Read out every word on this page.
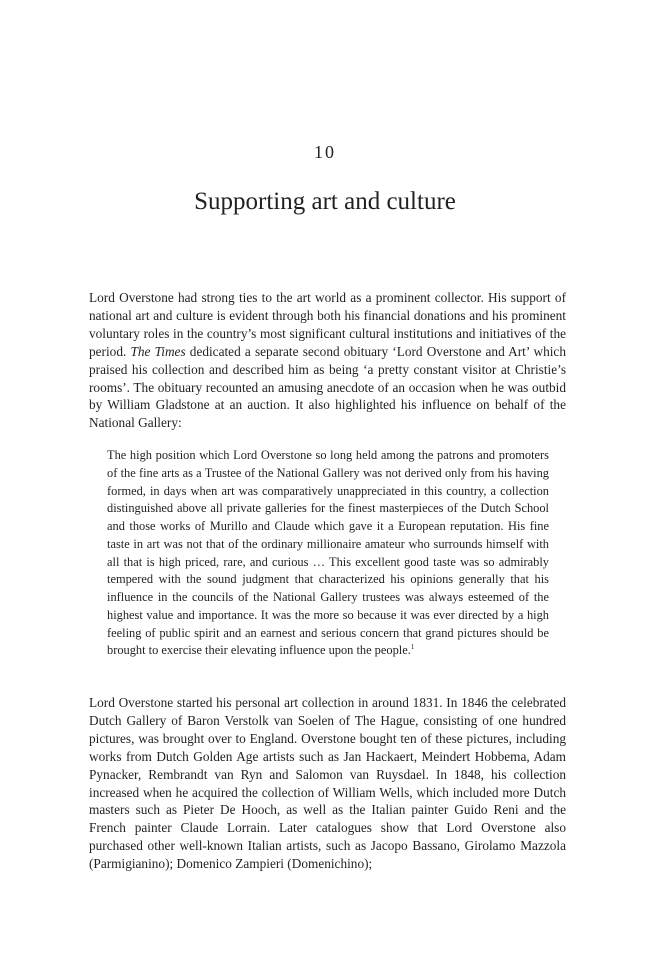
10
Supporting art and culture

Lord Overstone had strong ties to the art world as a prominent collector. His support of national art and culture is evident through both his financial donations and his prominent voluntary roles in the country’s most significant cultural institutions and initiatives of the period. The Times dedicated a separate second obituary ‘Lord Overstone and Art’ which praised his collection and described him as being ‘a pretty constant visitor at Christie’s rooms’. The obituary recounted an amusing anecdote of an occasion when he was outbid by William Gladstone at an auction. It also highlighted his influence on behalf of the National Gallery:

The high position which Lord Overstone so long held among the patrons and promoters of the fine arts as a Trustee of the National Gallery was not derived only from his having formed, in days when art was comparatively unappreciated in this country, a collection distinguished above all private galleries for the finest masterpieces of the Dutch School and those works of Murillo and Claude which gave it a European reputation. His fine taste in art was not that of the ordinary millionaire amateur who surrounds himself with all that is high priced, rare, and curious … This excellent good taste was so admirably tempered with the sound judgment that characterized his opinions generally that his influence in the councils of the National Gallery trustees was always esteemed of the highest value and importance. It was the more so because it was ever directed by a high feeling of public spirit and an earnest and serious concern that grand pictures should be brought to exercise their elevating influence upon the people.$^1$

Lord Overstone started his personal art collection in around 1831. In 1846 the celebrated Dutch Gallery of Baron Verstolk van Soelen of The Hague, consisting of one hundred pictures, was brought over to England. Overstone bought ten of these pictures, including works from Dutch Golden Age artists such as Jan Hackaert, Meindert Hobbema, Adam Pynacker, Rembrandt van Ryn and Salomon van Ruysdael. In 1848, his collection increased when he acquired the collection of William Wells, which included more Dutch masters such as Pieter De Hooch, as well as the Italian painter Guido Reni and the French painter Claude Lorrain. Later catalogues show that Lord Overstone also purchased other well-known Italian artists, such as Jacopo Bassano, Girolamo Mazzola (Parmigianino); Domenico Zampieri (Domenichino);
